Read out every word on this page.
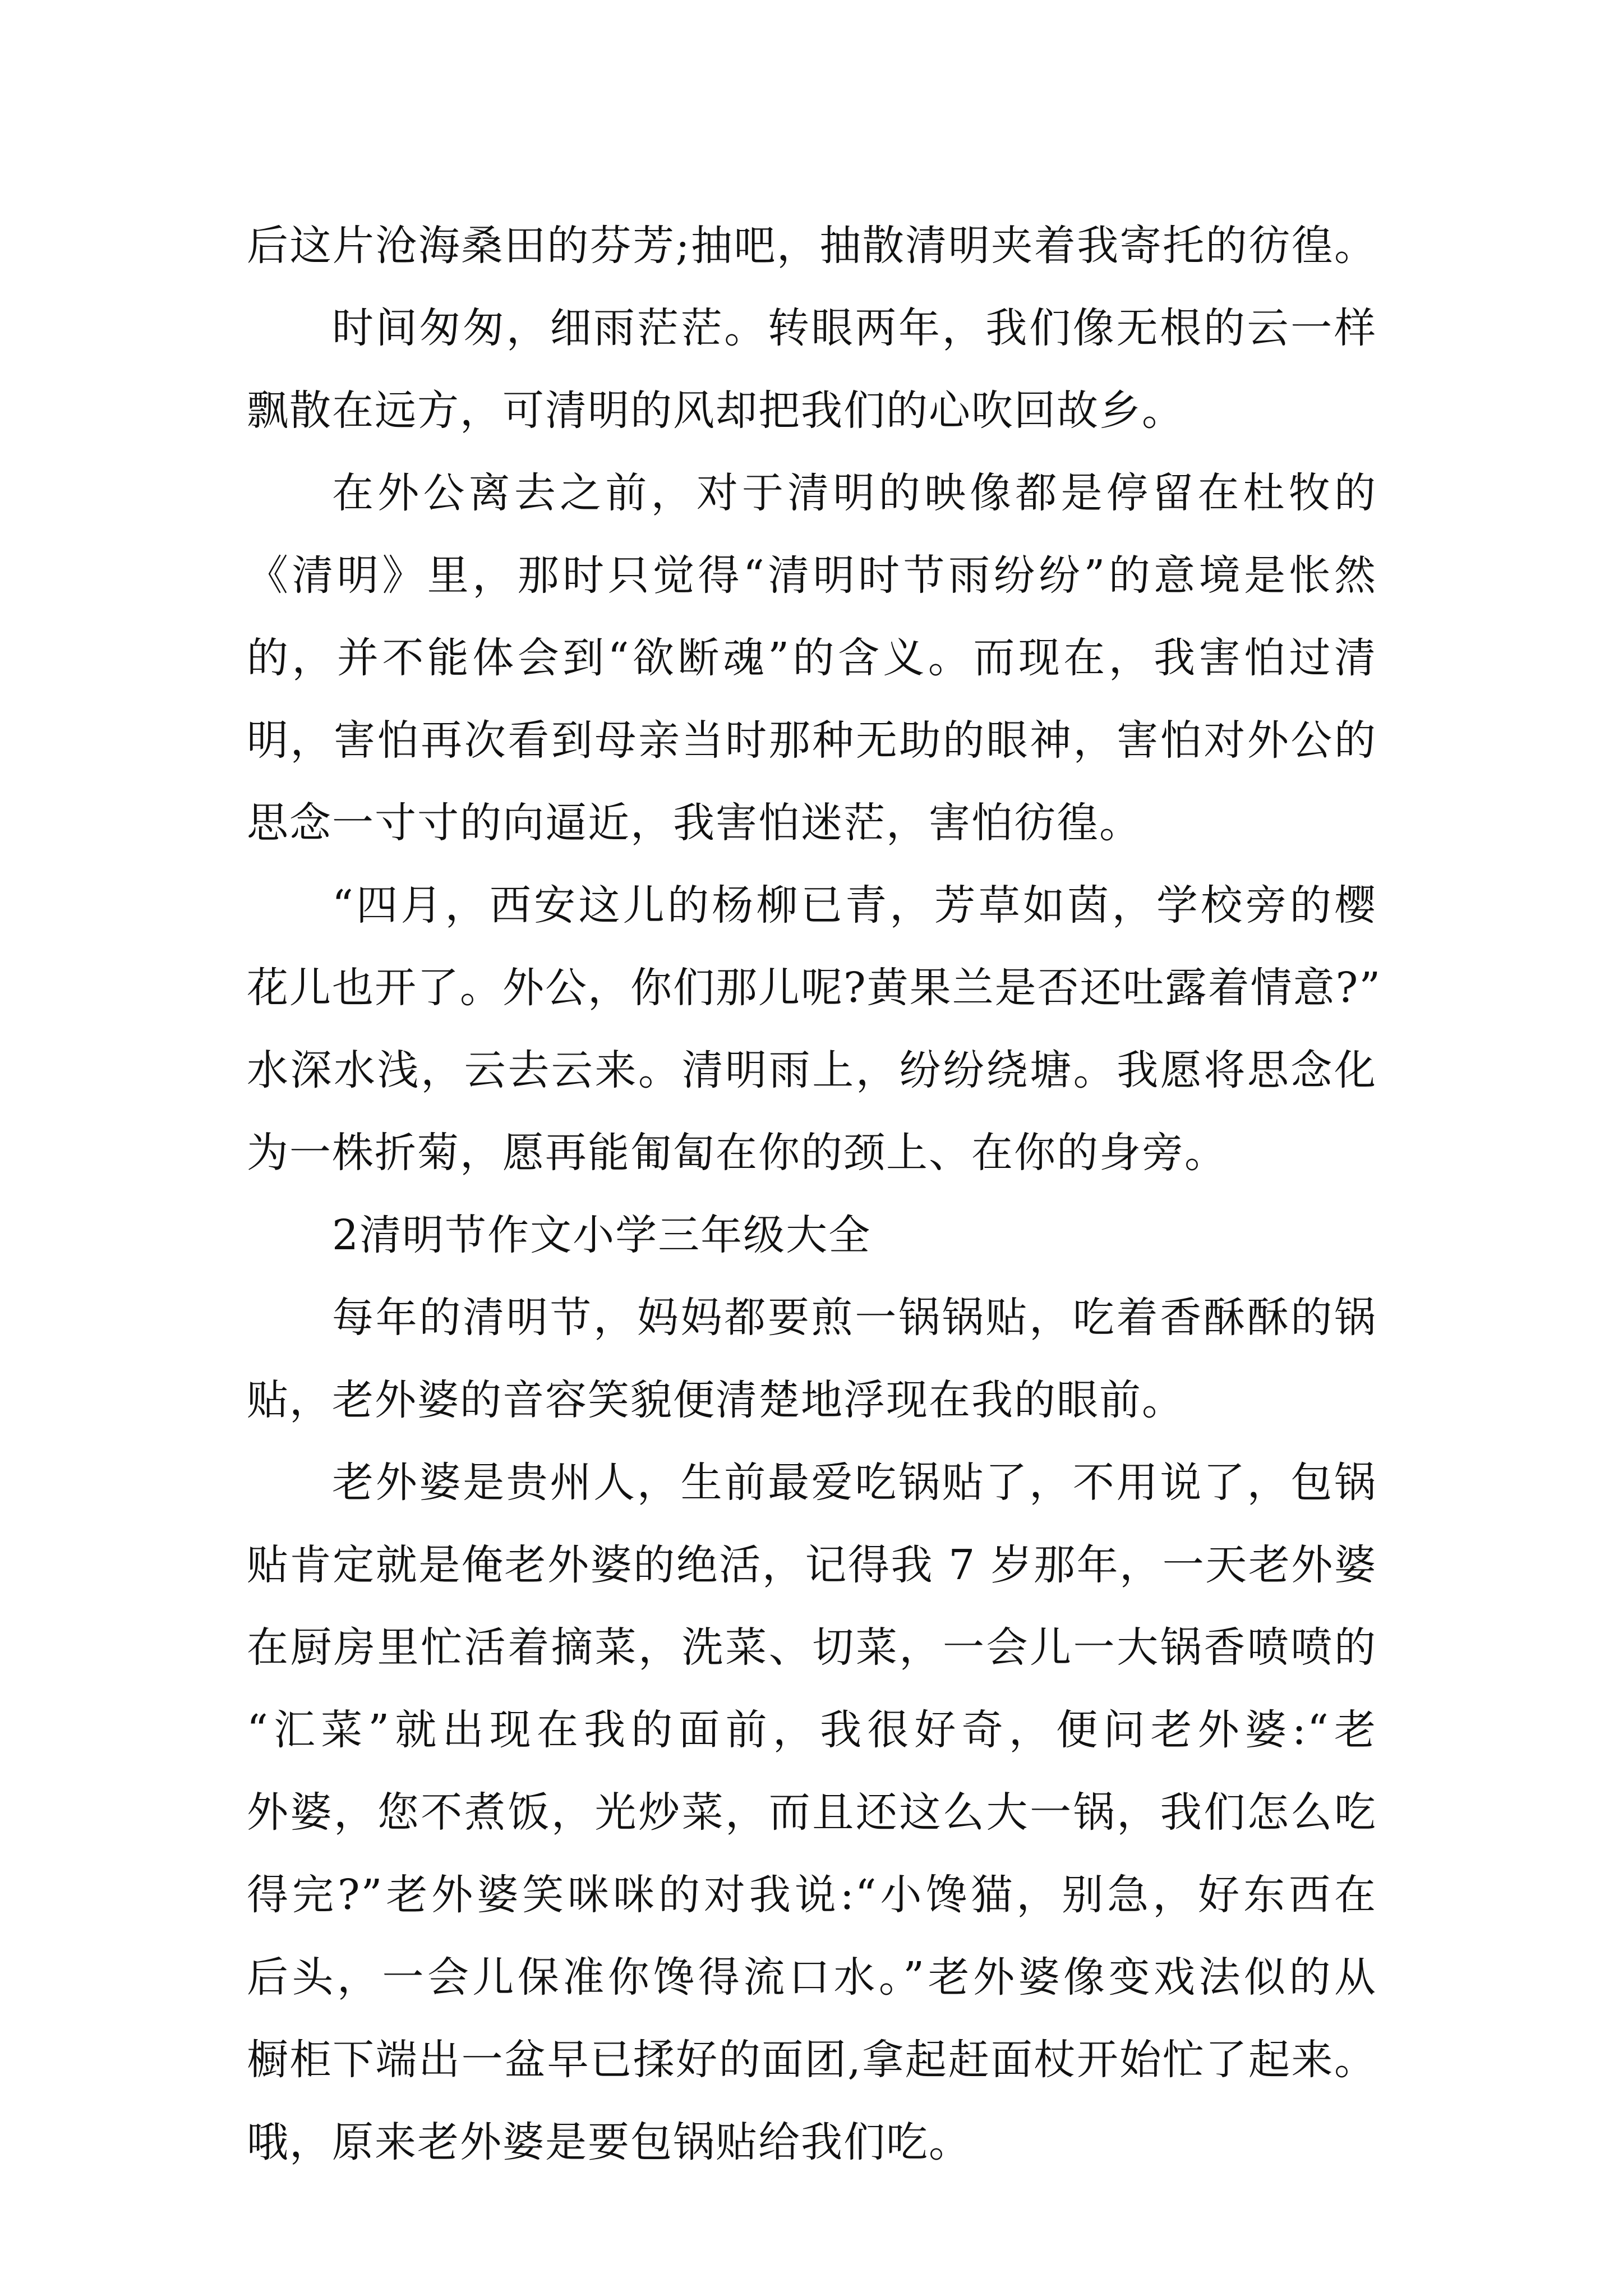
后这片沧海桑田的芬芳;抽吧，抽散清明夹着我寄托的彷徨。
时间匆匆，细雨茫茫。转眼两年，我们像无根的云一样
飘散在远方，可清明的风却把我们的心吹回故乡。
在外公离去之前，对于清明的映像都是停留在杜牧的
《清明》里，那时只觉得“清明时节雨纷纷”的意境是怅然
的，并不能体会到“欲断魂”的含义。而现在，我害怕过清
明，害怕再次看到母亲当时那种无助的眼神，害怕对外公的
思念一寸寸的向逼近，我害怕迷茫，害怕彷徨。
“四月，西安这儿的杨柳已青，芳草如茵，学校旁的樱
花儿也开了。外公，你们那儿呢?黄果兰是否还吐露着情意?”
水深水浅，云去云来。清明雨上，纷纷绕塘。我愿将思念化
为一株折菊，愿再能匍匐在你的颈上、在你的身旁。
2清明节作文小学三年级大全
每年的清明节，妈妈都要煎一锅锅贴，吃着香酥酥的锅
贴，老外婆的音容笑貌便清楚地浮现在我的眼前。
老外婆是贵州人，生前最爱吃锅贴了，不用说了，包锅
贴肯定就是俺老外婆的绝活，记得我 7 岁那年，一天老外婆
在厨房里忙活着摘菜，洗菜、切菜，一会儿一大锅香喷喷的
“汇菜”就出现在我的面前，我很好奇，便问老外婆:“老
外婆，您不煮饭，光炒菜，而且还这么大一锅，我们怎么吃
得完?”老外婆笑咪咪的对我说:“小馋猫，别急，好东西在
后头，一会儿保准你馋得流口水。”老外婆像变戏法似的从
橱柜下端出一盆早已揉好的面团,拿起赶面杖开始忙了起来。
哦，原来老外婆是要包锅贴给我们吃。
